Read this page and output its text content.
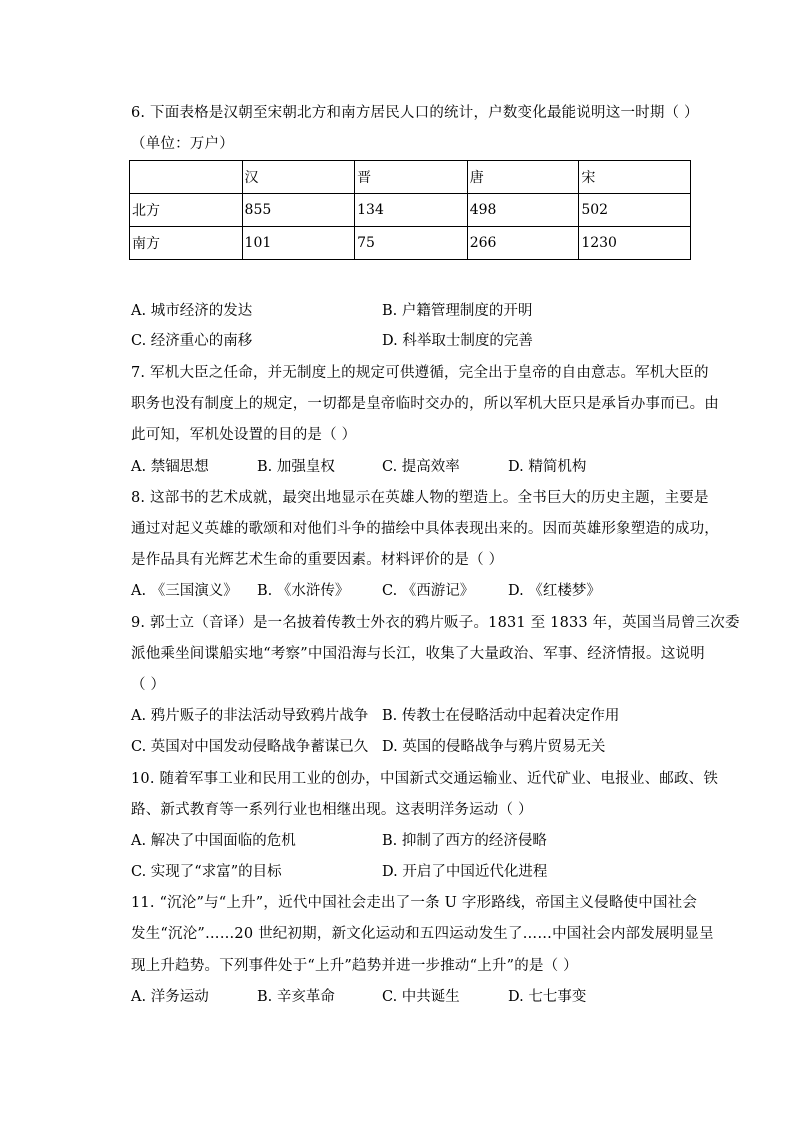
6. 下面表格是汉朝至宋朝北方和南方居民人口的统计，户数变化最能说明这一时期（ ）
（单位：万户）
	汉	晋	唐	宋
北方	855	134	498	502
南方	101	75	266	1230
A. 城市经济的发达	B. 户籍管理制度的开明
C. 经济重心的南移	D. 科举取士制度的完善
7. 军机大臣之任命，并无制度上的规定可供遵循，完全出于皇帝的自由意志。军机大臣的
职务也没有制度上的规定，一切都是皇帝临时交办的，所以军机大臣只是承旨办事而已。由
此可知，军机处设置的目的是（ ）
A. 禁锢思想	B. 加强皇权	C. 提高效率	D. 精简机构
8. 这部书的艺术成就，最突出地显示在英雄人物的塑造上。全书巨大的历史主题，主要是
通过对起义英雄的歌颂和对他们斗争的描绘中具体表现出来的。因而英雄形象塑造的成功，
是作品具有光辉艺术生命的重要因素。材料评价的是（ ）
A. 《三国演义》 B. 《水浒传》 C. 《西游记》 D. 《红楼梦》
9. 郭士立（音译）是一名披着传教士外衣的鸦片贩子。1831 至 1833 年，英国当局曾三次委
派他乘坐间谍船实地“考察”中国沿海与长江，收集了大量政治、军事、经济情报。这说明
（ ）
A. 鸦片贩子的非法活动导致鸦片战争 B. 传教士在侵略活动中起着决定作用
C. 英国对中国发动侵略战争蓄谋已久 D. 英国的侵略战争与鸦片贸易无关
10. 随着军事工业和民用工业的创办，中国新式交通运输业、近代矿业、电报业、邮政、铁
路、新式教育等一系列行业也相继出现。这表明洋务运动（ ）
A. 解决了中国面临的危机	B. 抑制了西方的经济侵略
C. 实现了“求富”的目标	D. 开启了中国近代化进程
11. “沉沦”与“上升”，近代中国社会走出了一条 U 字形路线，帝国主义侵略使中国社会
发生“沉沦”……20 世纪初期，新文化运动和五四运动发生了……中国社会内部发展明显呈
现上升趋势。下列事件处于“上升”趋势并进一步推动“上升”的是（ ）
A. 洋务运动	B. 辛亥革命	C. 中共诞生	D. 七七事变
